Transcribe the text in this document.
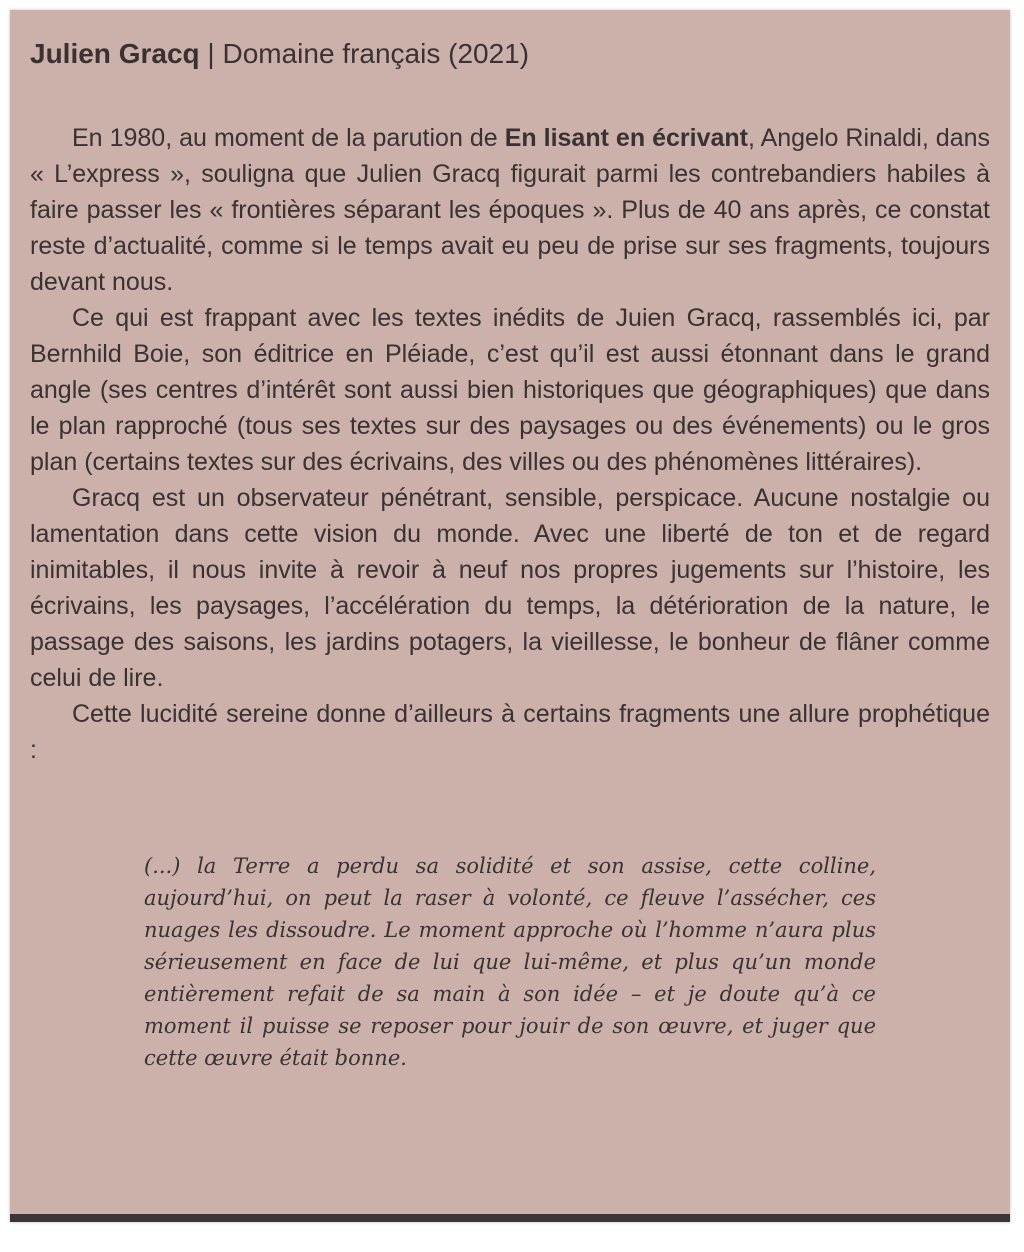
Julien Gracq | Domaine français (2021)

En 1980, au moment de la parution de En lisant en écrivant, Angelo Rinaldi, dans « L’express », souligna que Julien Gracq figurait parmi les contrebandiers habiles à faire passer les « frontières séparant les époques ». Plus de 40 ans après, ce constat reste d’actualité, comme si le temps avait eu peu de prise sur ses fragments, toujours devant nous.

Ce qui est frappant avec les textes inédits de Juien Gracq, rassemblés ici, par Bernhild Boie, son éditrice en Pléiade, c’est qu’il est aussi étonnant dans le grand angle (ses centres d’intérêt sont aussi bien historiques que géographiques) que dans le plan rapproché (tous ses textes sur des paysages ou des événements) ou le gros plan (certains textes sur des écrivains, des villes ou des phénomènes littéraires).

Gracq est un observateur pénétrant, sensible, perspicace. Aucune nostalgie ou lamentation dans cette vision du monde. Avec une liberté de ton et de regard inimitables, il nous invite à revoir à neuf nos propres jugements sur l’histoire, les écrivains, les paysages, l’accélération du temps, la détérioration de la nature, le passage des saisons, les jardins potagers, la vieillesse, le bonheur de flâner comme celui de lire.

Cette lucidité sereine donne d’ailleurs à certains fragments une allure prophétique :

(...) la Terre a perdu sa solidité et son assise, cette colline, aujourd’hui, on peut la raser à volonté, ce fleuve l’assécher, ces nuages les dissoudre. Le moment approche où l’homme n’aura plus sérieusement en face de lui que lui-même, et plus qu’un monde entièrement refait de sa main à son idée – et je doute qu’à ce moment il puisse se reposer pour jouir de son œuvre, et juger que cette œuvre était bonne.
